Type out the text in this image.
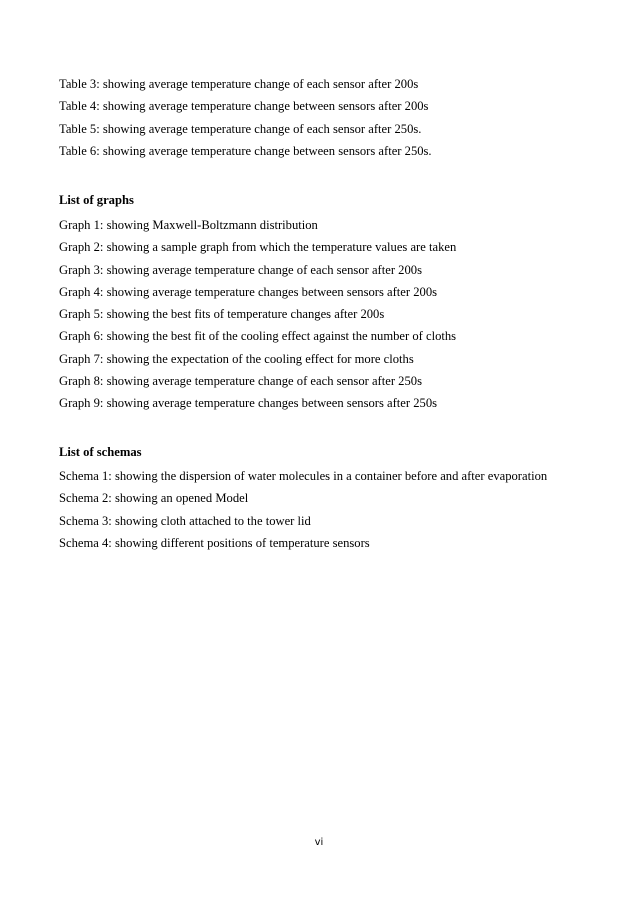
Table 3: showing average temperature change of each sensor after 200s

Table 4: showing average temperature change between sensors after 200s

Table 5: showing average temperature change of each sensor after 250s.

Table 6: showing average temperature change between sensors after 250s.

List of graphs

Graph 1: showing Maxwell-Boltzmann distribution

Graph 2: showing a sample graph from which the temperature values are taken

Graph 3: showing average temperature change of each sensor after 200s

Graph 4: showing average temperature changes between sensors after 200s

Graph 5: showing the best fits of temperature changes after 200s

Graph 6: showing the best fit of the cooling effect against the number of cloths

Graph 7: showing the expectation of the cooling effect for more cloths

Graph 8: showing average temperature change of each sensor after 250s

Graph 9: showing average temperature changes between sensors after 250s

List of schemas

Schema 1: showing the dispersion of water molecules in a container before and after evaporation

Schema 2: showing an opened Model

Schema 3: showing cloth attached to the tower lid

Schema 4: showing different positions of temperature sensors

vi
